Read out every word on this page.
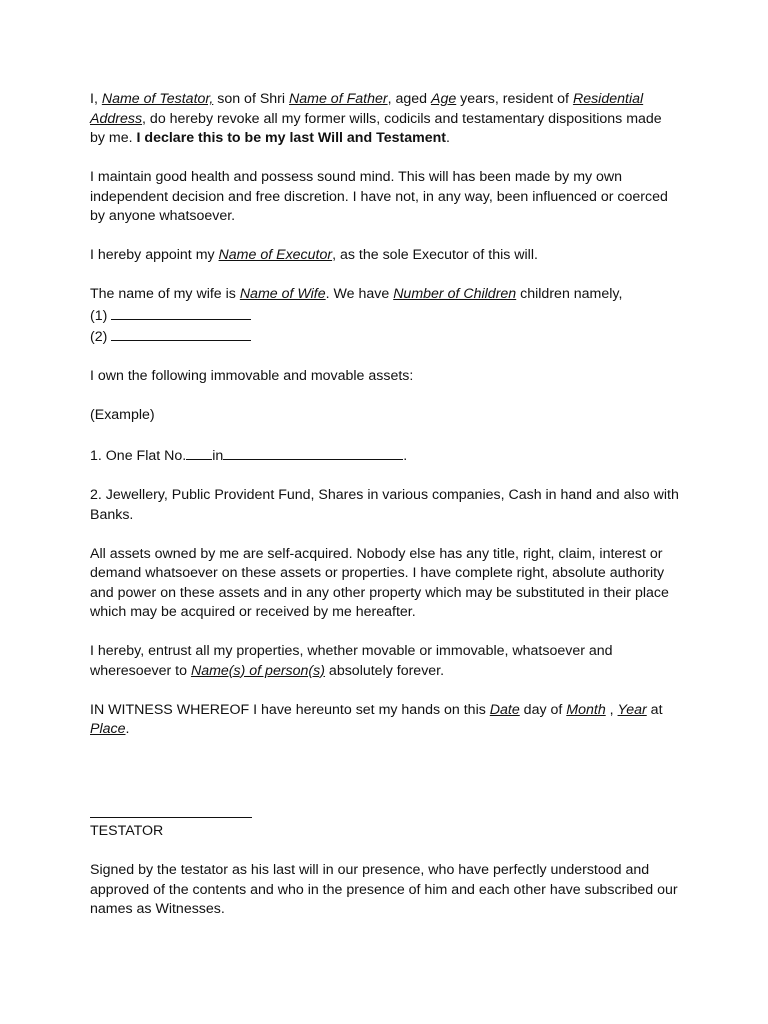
I, Name of Testator, son of Shri Name of Father, aged Age years, resident of Residential Address, do hereby revoke all my former wills, codicils and testamentary dispositions made by me. I declare this to be my last Will and Testament.

I maintain good health and possess sound mind. This will has been made by my own independent decision and free discretion. I have not, in any way, been influenced or coerced by anyone whatsoever.

I hereby appoint my Name of Executor, as the sole Executor of this will.

The name of my wife is Name of Wife. We have Number of Children children namely,
(1)
(2)

I own the following immovable and movable assets:

(Example)

1. One Flat No. in	.

2. Jewellery, Public Provident Fund, Shares in various companies, Cash in hand and also with Banks.

All assets owned by me are self-acquired. Nobody else has any title, right, claim, interest or demand whatsoever on these assets or properties. I have complete right, absolute authority and power on these assets and in any other property which may be substituted in their place which may be acquired or received by me hereafter.

I hereby, entrust all my properties, whether movable or immovable, whatsoever and wheresoever to Name(s) of person(s) absolutely forever.

IN WITNESS WHEREOF I have hereunto set my hands on this Date day of Month , Year at Place.

TESTATOR

Signed by the testator as his last will in our presence, who have perfectly understood and approved of the contents and who in the presence of him and each other have subscribed our names as Witnesses.
